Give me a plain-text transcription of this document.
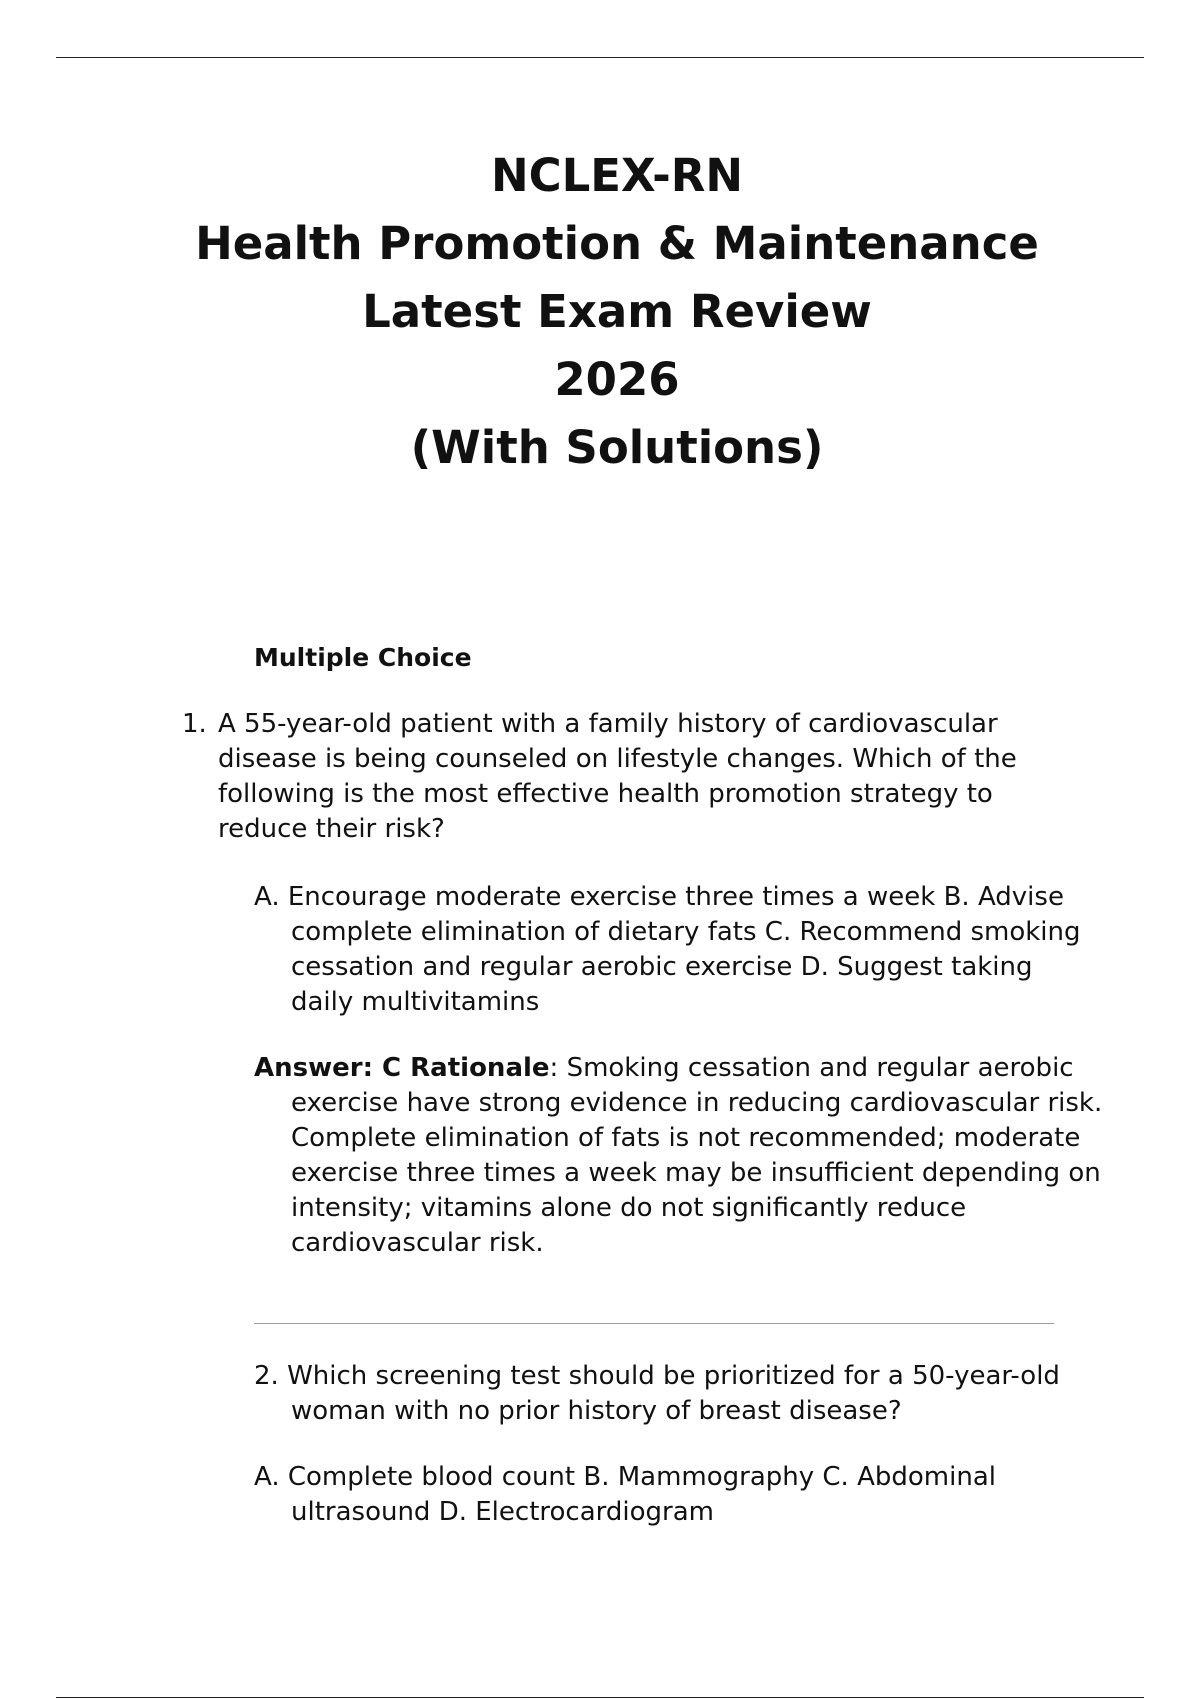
NCLEX-RN
Health Promotion & Maintenance
Latest Exam Review
2026
(With Solutions)
Multiple Choice
1. A 55-year-old patient with a family history of cardiovascular disease is being counseled on lifestyle changes. Which of the following is the most effective health promotion strategy to reduce their risk?
A. Encourage moderate exercise three times a week B. Advise complete elimination of dietary fats C. Recommend smoking cessation and regular aerobic exercise D. Suggest taking daily multivitamins
Answer: C Rationale: Smoking cessation and regular aerobic exercise have strong evidence in reducing cardiovascular risk. Complete elimination of fats is not recommended; moderate exercise three times a week may be insufficient depending on intensity; vitamins alone do not significantly reduce cardiovascular risk.
2. Which screening test should be prioritized for a 50-year-old woman with no prior history of breast disease?
A. Complete blood count B. Mammography C. Abdominal ultrasound D. Electrocardiogram
